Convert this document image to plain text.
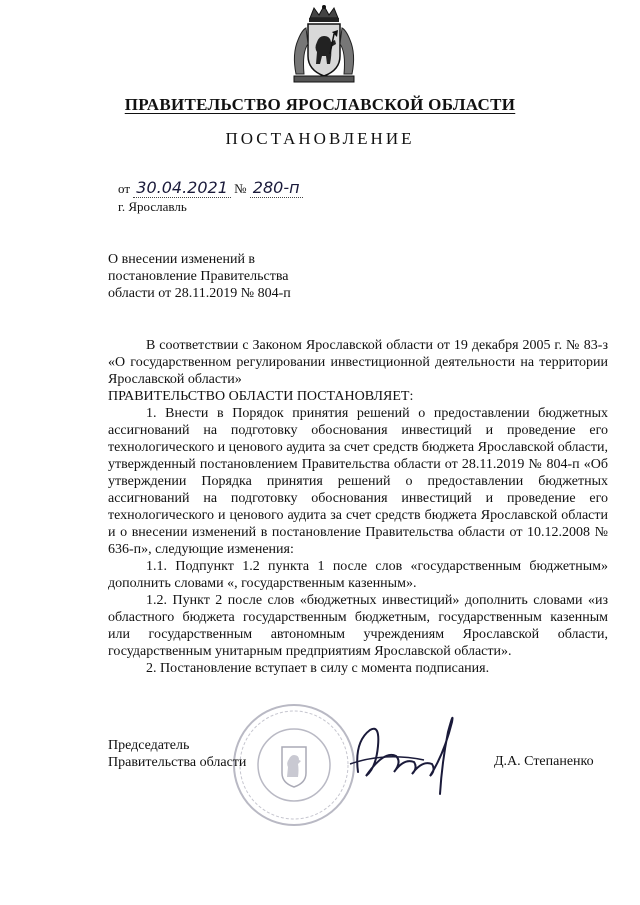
ПРАВИТЕЛЬСТВО ЯРОСЛАВСКОЙ ОБЛАСТИ
ПОСТАНОВЛЕНИЕ
от 30.04.2021 № 280-п
г. Ярославль
О внесении изменений в
постановление Правительства
области от 28.11.2019 № 804-п

В соответствии с Законом Ярославской области от 19 декабря 2005 г. № 83-з «О государственном регулировании инвестиционной деятельности на территории Ярославской области»

ПРАВИТЕЛЬСТВО ОБЛАСТИ ПОСТАНОВЛЯЕТ:

1. Внести в Порядок принятия решений о предоставлении бюджетных ассигнований на подготовку обоснования инвестиций и проведение его технологического и ценового аудита за счет средств бюджета Ярославской области, утвержденный постановлением Правительства области от 28.11.2019 № 804-п «Об утверждении Порядка принятия решений о предоставлении бюджетных ассигнований на подготовку обоснования инвестиций и проведение его технологического и ценового аудита за счет средств бюджета Ярославской области и о внесении изменений в постановление Правительства области от 10.12.2008 № 636-п», следующие изменения:

1.1. Подпункт 1.2 пункта 1 после слов «государственным бюджетным» дополнить словами «, государственным казенным».

1.2. Пункт 2 после слов «бюджетных инвестиций» дополнить словами «из областного бюджета государственным бюджетным, государственным казенным или государственным автономным учреждениям Ярославской области, государственным унитарным предприятиям Ярославской области».

2. Постановление вступает в силу с момента подписания.

Председатель
Правительства области	Д.А. Степаненко
